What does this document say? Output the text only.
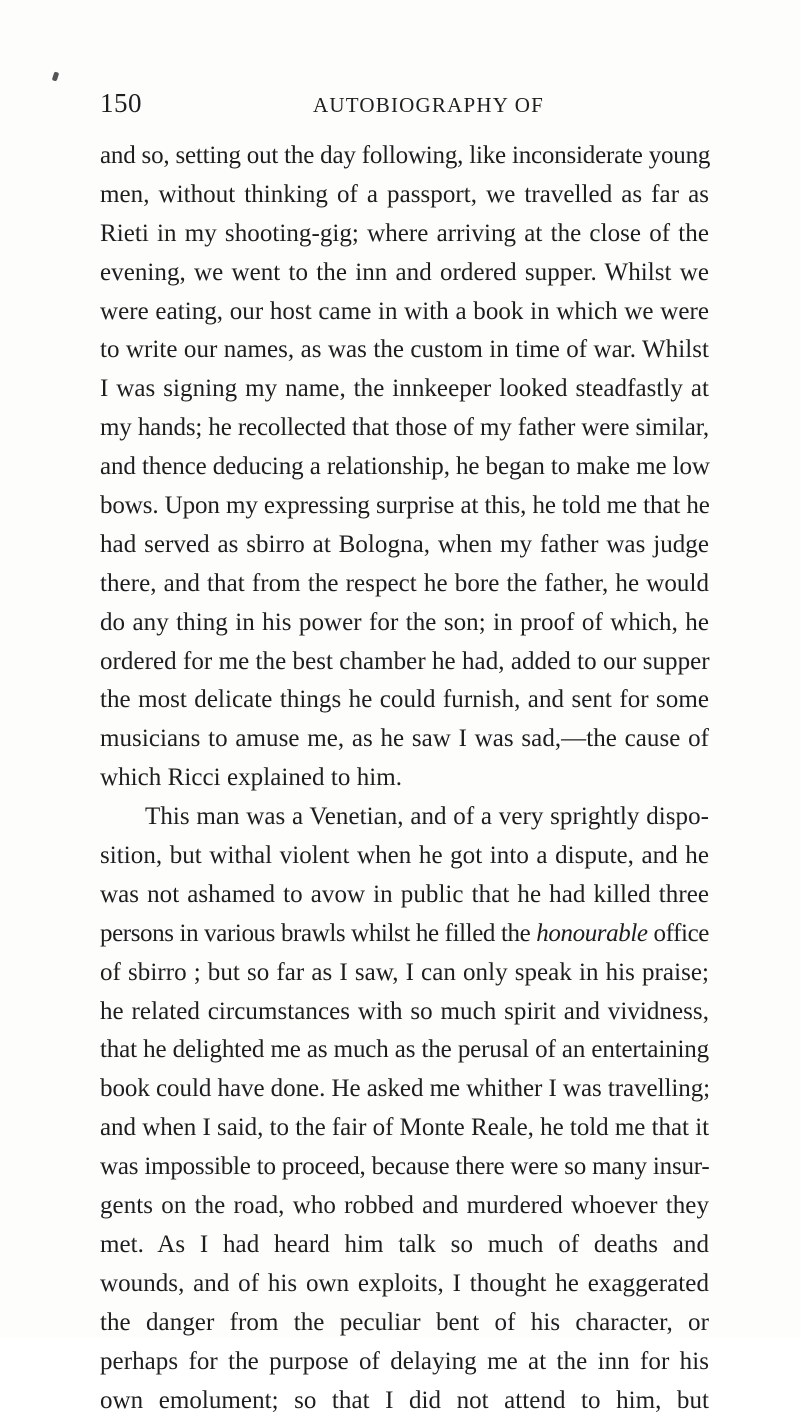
150	AUTOBIOGRAPHY OF
and so, setting out the day following, like inconsiderate young
men, without thinking of a passport, we travelled as far as
Rieti in my shooting-gig; where arriving at the close of the
evening, we went to the inn and ordered supper. Whilst we
were eating, our host came in with a book in which we were
to write our names, as was the custom in time of war. Whilst
I was signing my name, the innkeeper looked steadfastly at
my hands; he recollected that those of my father were similar,
and thence deducing a relationship, he began to make me low
bows. Upon my expressing surprise at this, he told me that he
had served as sbirro at Bologna, when my father was judge
there, and that from the respect he bore the father, he would
do any thing in his power for the son; in proof of which, he
ordered for me the best chamber he had, added to our supper
the most delicate things he could furnish, and sent for some
musicians to amuse me, as he saw I was sad,—the cause of
which Ricci explained to him.
This man was a Venetian, and of a very sprightly dispo-
sition, but withal violent when he got into a dispute, and he
was not ashamed to avow in public that he had killed three
persons in various brawls whilst he filled the honourable office
of sbirro ; but so far as I saw, I can only speak in his praise;
he related circumstances with so much spirit and vividness,
that he delighted me as much as the perusal of an entertaining
book could have done. He asked me whither I was travelling;
and when I said, to the fair of Monte Reale, he told me that it
was impossible to proceed, because there were so many insur-
gents on the road, who robbed and murdered whoever they
met. As I had heard him talk so much of deaths and
wounds, and of his own exploits, I thought he exaggerated
the danger from the peculiar bent of his character, or
perhaps for the purpose of delaying me at the inn for his
own emolument; so that I did not attend to him, but
